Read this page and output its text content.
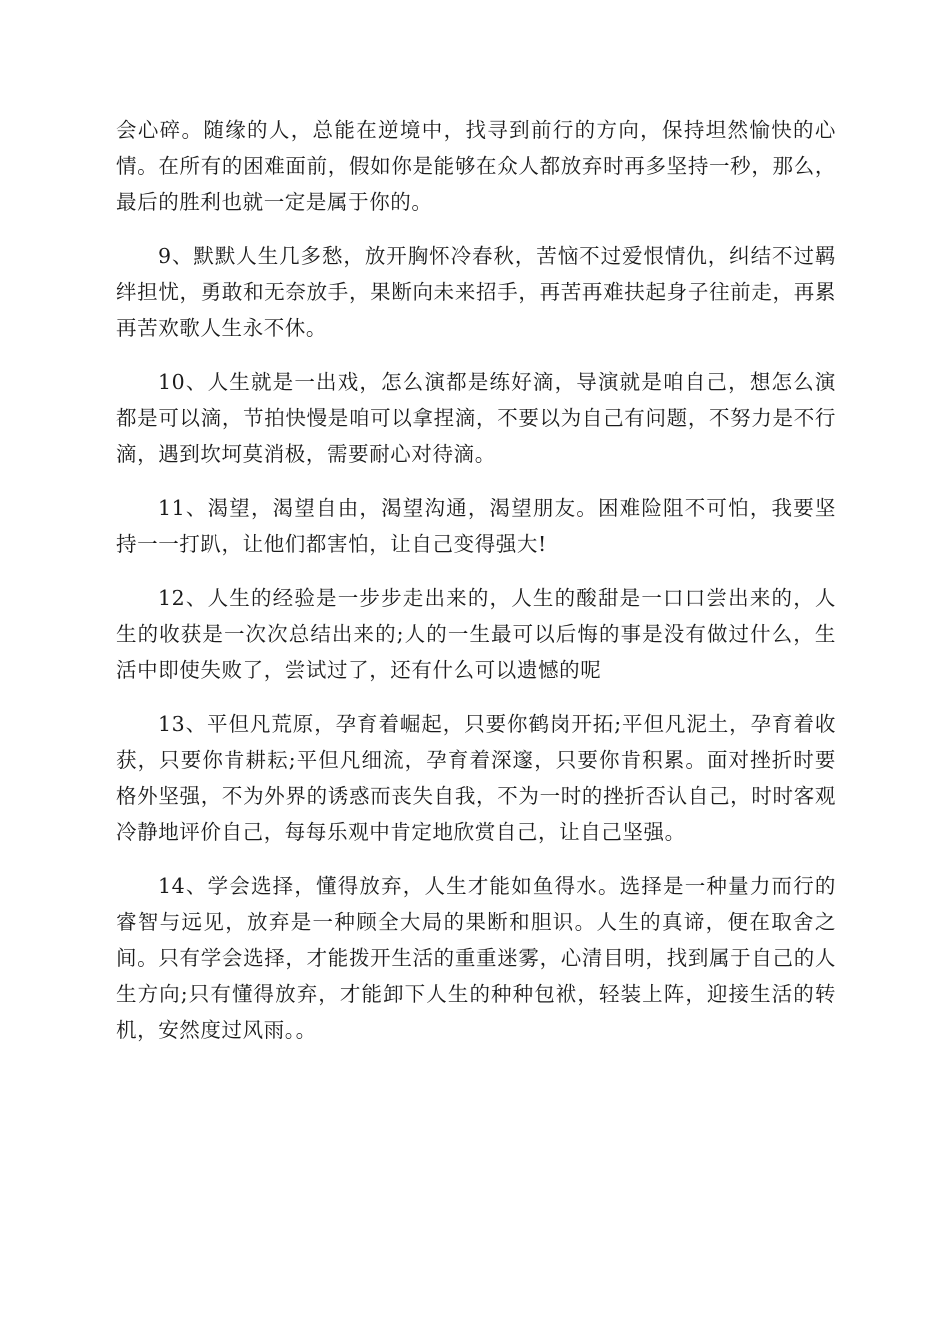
会心碎。随缘的人，总能在逆境中，找寻到前行的方向，保持坦然愉快的心情。在所有的困难面前，假如你是能够在众人都放弃时再多坚持一秒，那么，最后的胜利也就一定是属于你的。

9、默默人生几多愁，放开胸怀冷春秋，苦恼不过爱恨情仇，纠结不过羁绊担忧，勇敢和无奈放手，果断向未来招手，再苦再难扶起身子往前走，再累再苦欢歌人生永不休。

10、人生就是一出戏，怎么演都是练好滴，导演就是咱自己，想怎么演都是可以滴，节拍快慢是咱可以拿捏滴，不要以为自己有问题，不努力是不行滴，遇到坎坷莫消极，需要耐心对待滴。

11、渴望，渴望自由，渴望沟通，渴望朋友。困难险阻不可怕，我要坚持一一打趴，让他们都害怕，让自己变得强大!

12、人生的经验是一步步走出来的，人生的酸甜是一口口尝出来的，人生的收获是一次次总结出来的;人的一生最可以后悔的事是没有做过什么，生活中即使失败了，尝试过了，还有什么可以遗憾的呢

13、平但凡荒原，孕育着崛起，只要你鹤岗开拓;平但凡泥土，孕育着收获，只要你肯耕耘;平但凡细流，孕育着深邃，只要你肯积累。面对挫折时要格外坚强，不为外界的诱惑而丧失自我，不为一时的挫折否认自己，时时客观冷静地评价自己，每每乐观中肯定地欣赏自己，让自己坚强。

14、学会选择，懂得放弃，人生才能如鱼得水。选择是一种量力而行的睿智与远见，放弃是一种顾全大局的果断和胆识。人生的真谛，便在取舍之间。只有学会选择，才能拨开生活的重重迷雾，心清目明，找到属于自己的人生方向;只有懂得放弃，才能卸下人生的种种包袱，轻装上阵，迎接生活的转机，安然度过风雨。。
